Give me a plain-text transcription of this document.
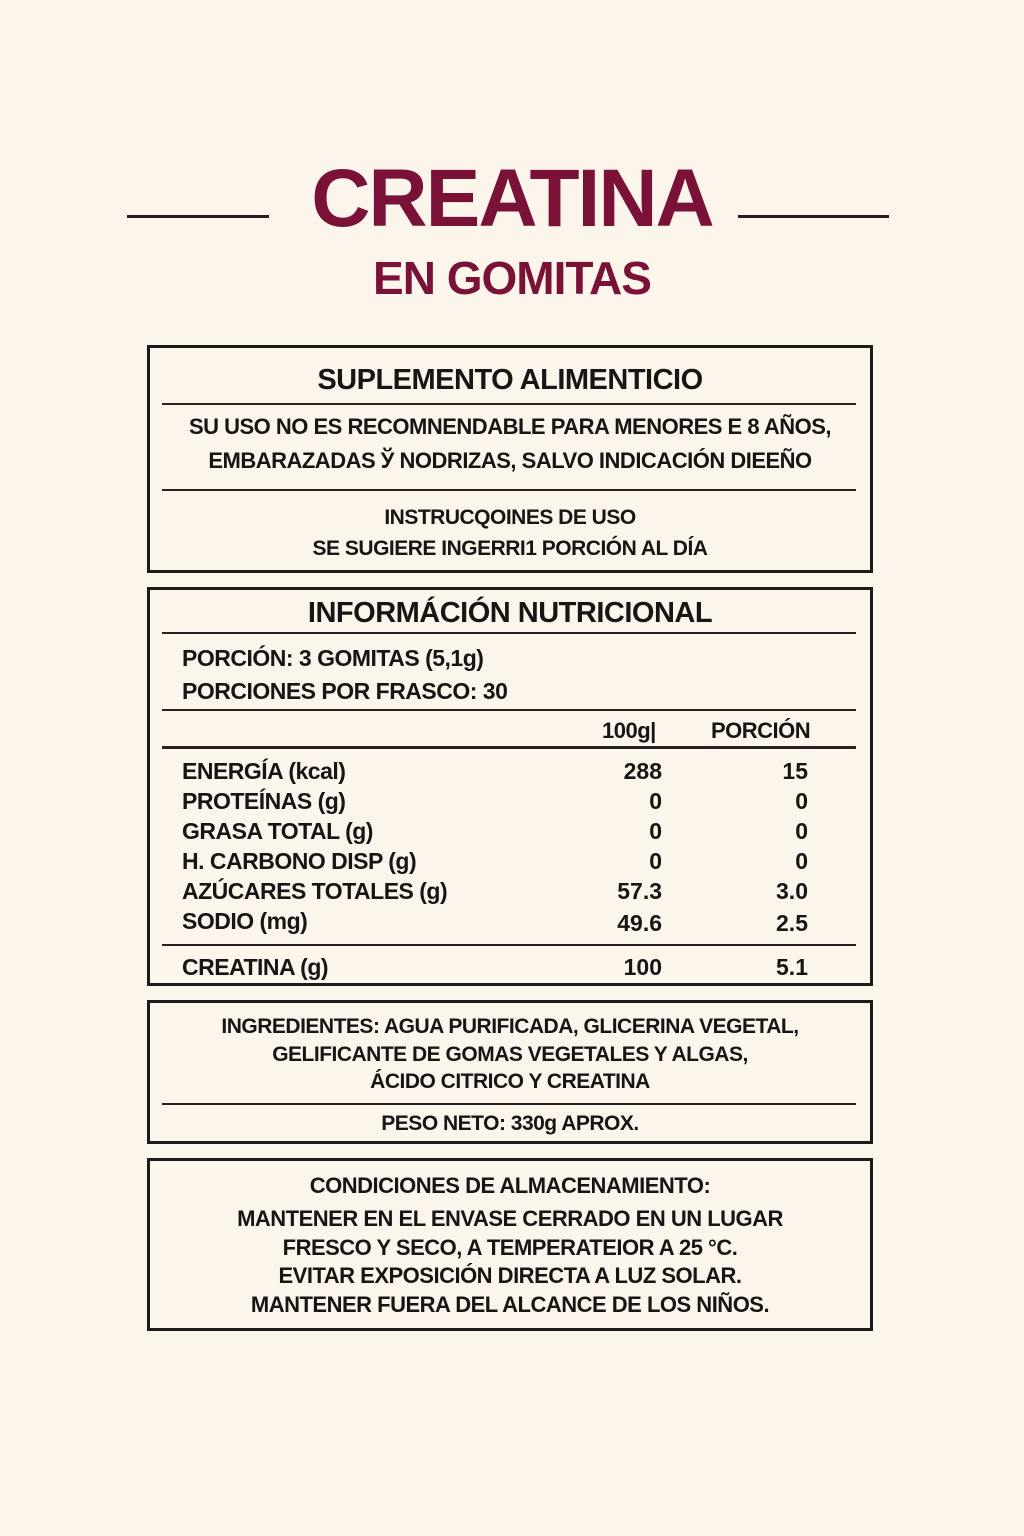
CREATINA
EN GOMITAS
SUPLEMENTO ALIMENTICIO
SU USO NO ES RECOMNENDABLE PARA MENORES E 8 AÑOS,
EMBARAZADAS Ў NODRIZAS, SALVO INDICACIÓN DIEEÑO
INSTRUCQOINES DE USO
SE SUGIERE INGERRI1 PORCIÓN AL DÍA
INFORMÁCIÓN NUTRICIONAL
PORCIÓN: 3 GOMITAS (5,1g)
PORCIONES POR FRASCO: 30
100g|	PORCIÓN
ENERGÍA (kcal)	288	15
PROTEÍNAS (g)	0	0
GRASA TOTAL (g)	0	0
H. CARBONO DISP (g)	0	0
AZÚCARES TOTALES (g)	57.3	3.0
SODIO (mg)	49.6	2.5
CREATINA (g)	100	5.1
INGREDIENTES: AGUA PURIFICADA, GLICERINA VEGETAL,
GELIFICANTE DE GOMAS VEGETALES Y ALGAS,
ÁCIDO CITRICO Y CREATINA
PESO NETO: 330g APROX.
CONDICIONES DE ALMACENAMIENTO:
MANTENER EN EL ENVASE CERRADO EN UN LUGAR
FRESCO Y SECO, A TEMPERATEIOR A 25 °C.
EVITAR EXPOSICIÓN DIRECTA A LUZ SOLAR.
MANTENER FUERA DEL ALCANCE DE LOS NIÑOS.
